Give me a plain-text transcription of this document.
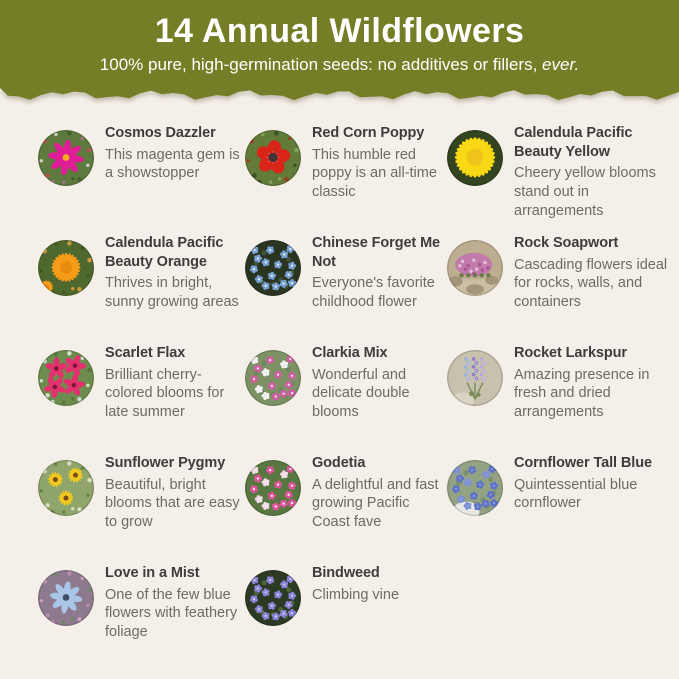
14 Annual Wildflowers

100% pure, high-germination seeds: no additives or fillers, ever.

Cosmos Dazzler
This magenta gem is a showstopper
Red Corn Poppy
This humble red poppy is an all-time classic
Calendula Pacific Beauty Yellow
Cheery yellow blooms stand out in arrangements
Calendula Pacific Beauty Orange
Thrives in bright, sunny growing areas
Chinese Forget Me Not
Everyone's favorite childhood flower
Rock Soapwort
Cascading flowers ideal for rocks, walls, and containers
Scarlet Flax
Brilliant cherry-colored blooms for late summer
Clarkia Mix
Wonderful and delicate double blooms
Rocket Larkspur
Amazing presence in fresh and dried arrangements
Sunflower Pygmy
Beautiful, bright blooms that are easy to grow
Godetia
A delightful and fast growing Pacific Coast fave
Cornflower Tall Blue
Quintessential blue cornflower
Love in a Mist
One of the few blue flowers with feathery foliage
Bindweed
Climbing vine
